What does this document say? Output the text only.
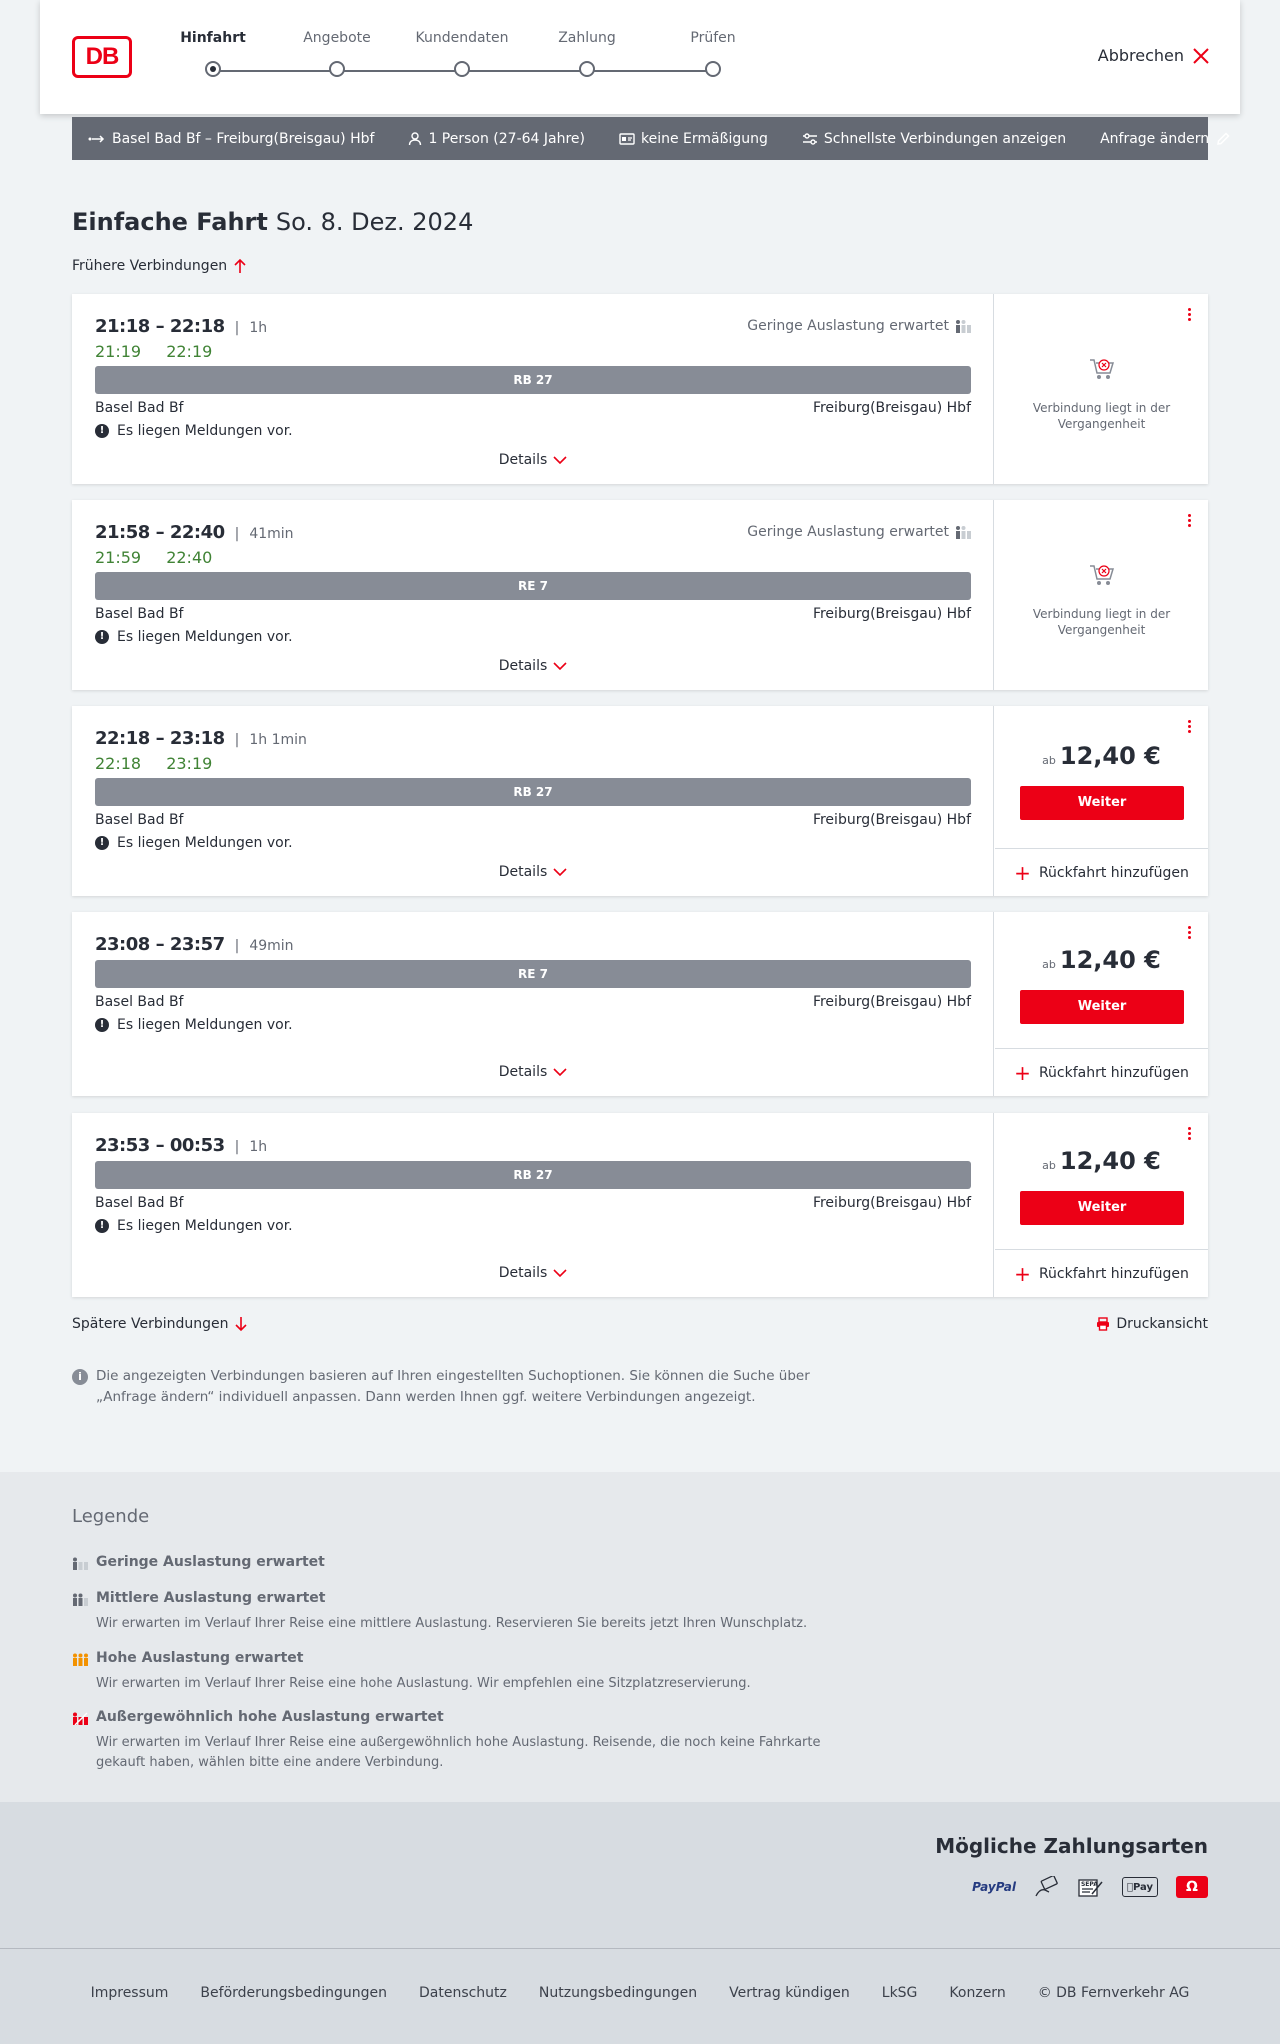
DB
Hinfahrt	Angebote	Kundendaten	Zahlung	Prüfen
Abbrechen
Basel Bad Bf – Freiburg(Breisgau) Hbf	1 Person (27-64 Jahre)	keine Ermäßigung	Schnellste Verbindungen anzeigen Anfrage ändern
Einfache Fahrt So. 8. Dez. 2024
Frühere Verbindungen
21:18 – 22:18 | 1h
21:19 22:19
Geringe Auslastung erwartet
RB 27
Basel Bad Bf	Freiburg(Breisgau) Hbf
! Es liegen Meldungen vor.
Details
Verbindung liegt in der Vergangenheit
21:58 – 22:40 | 41min
21:59 22:40
Geringe Auslastung erwartet
RE 7
Basel Bad Bf	Freiburg(Breisgau) Hbf
! Es liegen Meldungen vor.
Details
Verbindung liegt in der Vergangenheit
22:18 – 23:18 | 1h 1min
22:18 23:19
RB 27
Basel Bad Bf	Freiburg(Breisgau) Hbf
! Es liegen Meldungen vor.
Details
ab 12,40 €
Weiter
+ Rückfahrt hinzufügen
23:08 – 23:57 | 49min
RE 7
Basel Bad Bf	Freiburg(Breisgau) Hbf
! Es liegen Meldungen vor.
Details
ab 12,40 €
Weiter
+ Rückfahrt hinzufügen
23:53 – 00:53 | 1h
RB 27
Basel Bad Bf	Freiburg(Breisgau) Hbf
! Es liegen Meldungen vor.
Details
ab 12,40 €
Weiter
+ Rückfahrt hinzufügen
Spätere Verbindungen	Druckansicht
i	Die angezeigten Verbindungen basieren auf Ihren eingestellten Suchoptionen. Sie können die Suche über „Anfrage ändern“ individuell anpassen. Dann werden Ihnen ggf. weitere Verbindungen angezeigt.
Legende
Geringe Auslastung erwartet
Mittlere Auslastung erwartet
Wir erwarten im Verlauf Ihrer Reise eine mittlere Auslastung. Reservieren Sie bereits jetzt Ihren Wunschplatz.
Hohe Auslastung erwartet
Wir erwarten im Verlauf Ihrer Reise eine hohe Auslastung. Wir empfehlen eine Sitzplatzreservierung.
Außergewöhnlich hohe Auslastung erwartet
Wir erwarten im Verlauf Ihrer Reise eine außergewöhnlich hohe Auslastung. Reisende, die noch keine Fahrkarte gekauft haben, wählen bitte eine andere Verbindung.
Mögliche Zahlungsarten
PayPal	SEPA	Pay	Ω
Impressum Beförderungsbedingungen Datenschutz Nutzungsbedingungen Vertrag kündigen LkSG Konzern © DB Fernverkehr AG
